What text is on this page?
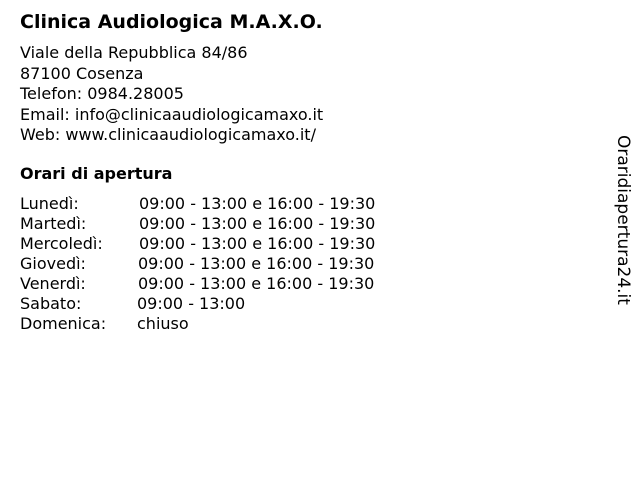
Clinica Audiologica M.A.X.O.
Viale della Repubblica 84/86
87100 Cosenza
Telefon: 0984.28005
Email: info@clinicaaudiologicamaxo.it
Web: www.clinicaaudiologicamaxo.it/
Orari di apertura
Lunedì:	09:00 - 13:00 e 16:00 - 19:30
Martedì:	09:00 - 13:00 e 16:00 - 19:30
Mercoledì: 09:00 - 13:00 e 16:00 - 19:30
Giovedì:	09:00 - 13:00 e 16:00 - 19:30
Venerdì:	09:00 - 13:00 e 16:00 - 19:30
Sabato:	09:00 - 13:00
Domenica: chiuso
Oraridiapertura24.it
